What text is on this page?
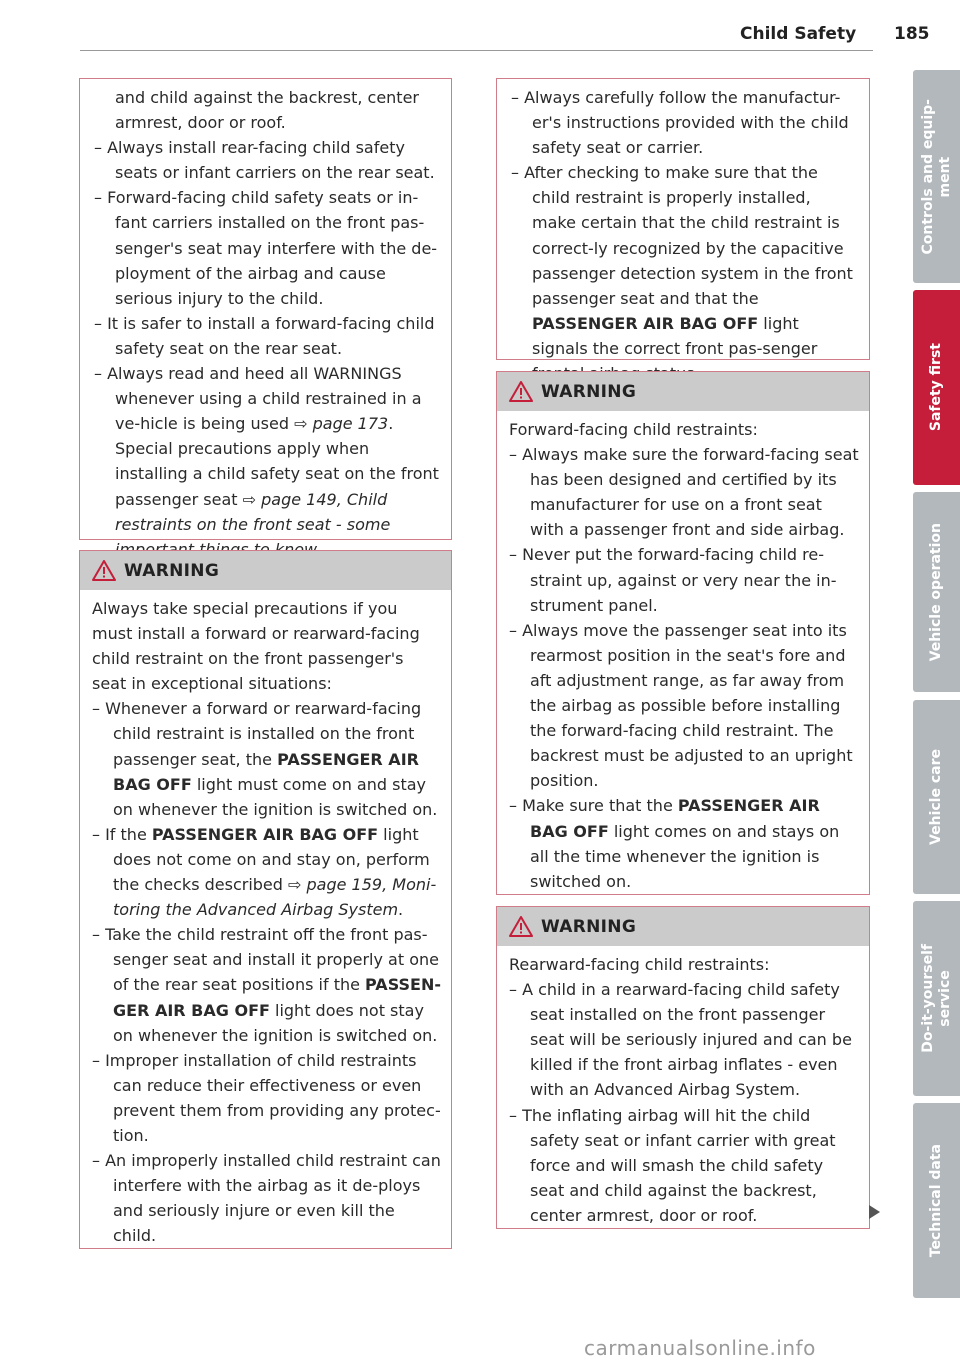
Child Safety 185
and child against the backrest, center armrest, door or roof.
– Always install rear-facing child safety seats or infant carriers on the rear seat.
– Forward-facing child safety seats or in-fant carriers installed on the front pas-senger's seat may interfere with the de-ployment of the airbag and cause serious injury to the child.
– It is safer to install a forward-facing child safety seat on the rear seat.
– Always read and heed all WARNINGS whenever using a child restrained in a ve-hicle is being used ⇨ page 173. Special precautions apply when installing a child safety seat on the front passenger seat ⇨ page 149, Child restraints on the front seat - some
WARNING

Always take special precautions if you must install a forward or rearward-facing child restraint on the front passenger's seat in exceptional situations:

– Whenever a forward or rearward-facing child restraint is installed on the front passenger seat, the PASSENGER AIR BAG OFF light must come on and stay on whenever the ignition is switched on.
– If the PASSENGER AIR BAG OFF light does not come on and stay on, perform the checks described ⇨ page 159, Moni-toring the Advanced Airbag System.
– Take the child restraint off the front pas-senger seat and install it properly at one of the rear seat positions if the PASSEN-GER AIR BAG OFF light does not stay on whenever the ignition is switched on.
– Improper installation of child restraints can reduce their effectiveness or even prevent them from providing any protec-tion.
– An improperly installed child restraint can interfere with the airbag as it de-ploys and seriously injure or even kill the child.
– Always carefully follow the manufactur-er's instructions provided with the child safety seat or carrier.
– After checking to make sure that the child restraint is properly installed, make certain that the child restraint is correct-ly recognized by the capacitive passenger detection system in the front passenger seat and that the PASSENGER AIR BAG OFF light signals the correct front pas-senger
WARNING

Forward-facing child restraints:

– Always make sure the forward-facing seat has been designed and certified by its manufacturer for use on a front seat with a passenger front and side airbag.
– Never put the forward-facing child re-straint up, against or very near the in-strument panel.
– Always move the passenger seat into its rearmost position in the seat's fore and aft adjustment range, as far away from the airbag as possible before installing the forward-facing child restraint. The backrest must be adjusted to an upright position.
– Make sure that the PASSENGER AIR BAG OFF light comes on and stays on all the time whenever the ignition is switched on.
WARNING

Rearward-facing child restraints:

– A child in a rearward-facing child safety seat installed on the front passenger seat will be seriously injured and can be killed if the front airbag inflates - even with an Advanced Airbag System.
– The inflating airbag will hit the child safety seat or infant carrier with great force and will smash the child safety seat and child against the backrest, center armrest, door or roof.
Controls and equip-
ment
Safety first
Vehicle operation
Vehicle care
Do-it-yourself
service
Technical data
carmanualsonline.info
